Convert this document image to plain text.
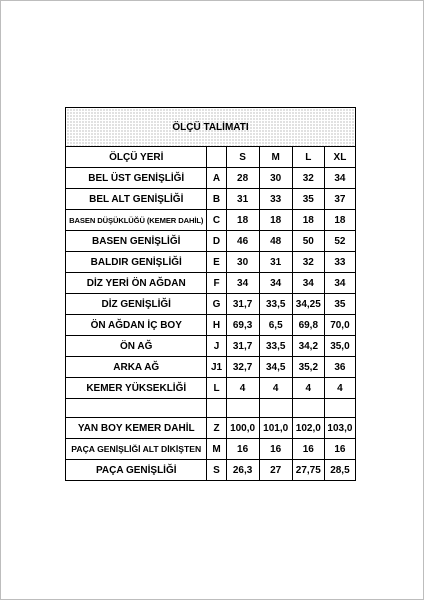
ÖLÇÜ TALİMATI					
ÖLÇÜ YERİ		S	M	L	XL
BEL ÜST GENİŞLİĞİ	A	28	30	32	34
BEL ALT GENİŞLİĞİ	B	31	33	35	37
BASEN DÜŞÜKLÜĞÜ (KEMER DAHİL)	C	18	18	18	18
BASEN GENİŞLİĞİ	D	46	48	50	52
BALDIR GENİŞLİĞİ	E	30	31	32	33
DİZ YERİ ÖN AĞDAN	F	34	34	34	34
DİZ GENİŞLİĞİ	G	31,7	33,5	34,25	35
ÖN AĞDAN İÇ BOY	H	69,3	6,5	69,8	70,0
ÖN AĞ	J	31,7	33,5	34,2	35,0
ARKA AĞ	J1	32,7	34,5	35,2	36
KEMER YÜKSEKLİĞİ	L	4	4	4	4

YAN BOY KEMER DAHİL	Z	100,0	101,0	102,0	103,0
PAÇA GENİŞLİĞİ ALT DİKİŞTEN	M	16	16	16	16
PAÇA GENİŞLİĞİ	S	26,3	27	27,75	28,5
